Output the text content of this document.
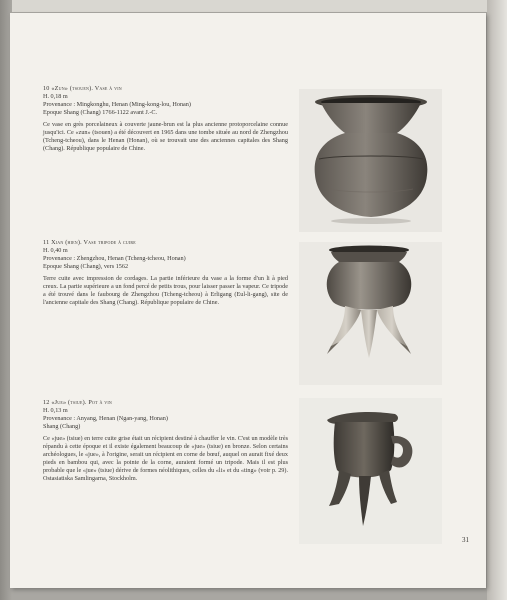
10 «Zun» (tsouen). Vase à vin
H. 0,18 m
Provenance : Mingkonghu, Henan (Ming-kong-lou, Honan)
Epoque Shang (Chang) 1766-1122 avant J.-C.
Ce vase en grès porcelaineux à couverte jaune-brun est la plus ancienne protoporcelaine connue jusqu'ici. Ce «zun» (tsouen) a été découvert en 1965 dans une tombe située au nord de Zhengzhou (Tcheng-tcheou), dans le Henan (Honan), où se trouvait une des anciennes capitales des Shang (Chang). République populaire de Chine.
11 Xian (hien). Vase tripode à cuire
H. 0,40 m
Provenance : Zhengzhou, Henan (Tcheng-tcheou, Honan)
Epoque Shang (Chang), vers 1562
Terre cuite avec impression de cordages. La partie inférieure du vase a la forme d'un li à pied creux. La partie supérieure a un fond percé de petits trous, pour laisser passer la vapeur. Ce tripode a été trouvé dans le faubourg de Zhengzhou (Tcheng-tcheou) à Erligang (Eul-li-gang), site de l'ancienne capitale des Shang (Chang). République populaire de Chine.
12 «Jue» (tsiue). Pot à vin
H. 0,13 m
Provenance : Anyang, Henan (Ngan-yang, Honan)
Shang (Chang)
Ce «jue» (tsiue) en terre cuite grise était un récipient destiné à chauffer le vin. C'est un modèle très répandu à cette époque et il existe également beaucoup de «jue» (tsiue) en bronze. Selon certains archéologues, le «jue», à l'origine, serait un récipient en corne de bœuf, auquel on aurait fixé deux pieds en bambou qui, avec la pointe de la corne, auraient formé un tripode. Mais il est plus probable que le «jue» (tsiue) dérive de formes néolithiques, celles du «li» et du «ting» (voir p. 29). Ostasiatiska Samlingarna, Stockholm.
31
